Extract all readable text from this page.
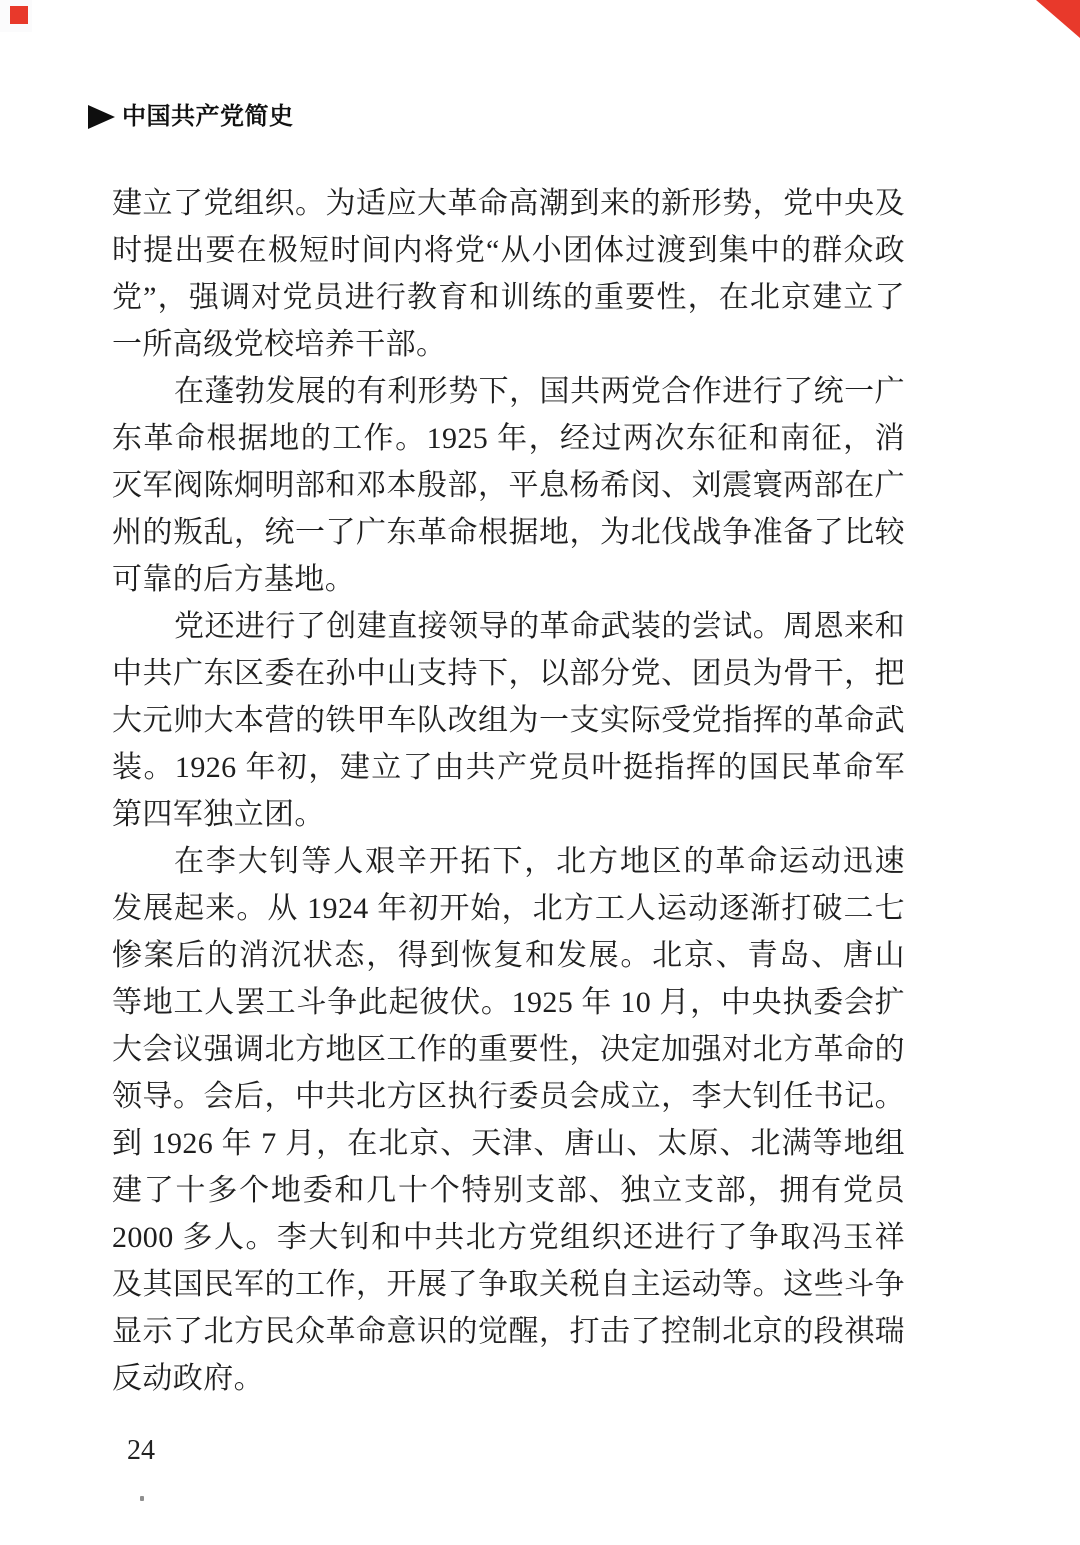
中国共产党简史
建立了党组织。为适应大革命高潮到来的新形势，党中央及
时提出要在极短时间内将党“从小团体过渡到集中的群众政
党”，强调对党员进行教育和训练的重要性，在北京建立了
一所高级党校培养干部。
在蓬勃发展的有利形势下，国共两党合作进行了统一广
东革命根据地的工作。1925 年，经过两次东征和南征，消
灭军阀陈炯明部和邓本殷部，平息杨希闵、刘震寰两部在广
州的叛乱，统一了广东革命根据地，为北伐战争准备了比较
可靠的后方基地。
党还进行了创建直接领导的革命武装的尝试。周恩来和
中共广东区委在孙中山支持下，以部分党、团员为骨干，把
大元帅大本营的铁甲车队改组为一支实际受党指挥的革命武
装。1926 年初，建立了由共产党员叶挺指挥的国民革命军
第四军独立团。
在李大钊等人艰辛开拓下，北方地区的革命运动迅速
发展起来。从 1924 年初开始，北方工人运动逐渐打破二七
惨案后的消沉状态，得到恢复和发展。北京、青岛、唐山
等地工人罢工斗争此起彼伏。1925 年 10 月，中央执委会扩
大会议强调北方地区工作的重要性，决定加强对北方革命的
领导。会后，中共北方区执行委员会成立，李大钊任书记。
到 1926 年 7 月，在北京、天津、唐山、太原、北满等地组
建了十多个地委和几十个特别支部、独立支部，拥有党员
2000 多人。李大钊和中共北方党组织还进行了争取冯玉祥
及其国民军的工作，开展了争取关税自主运动等。这些斗争
显示了北方民众革命意识的觉醒，打击了控制北京的段祺瑞
反动政府。
24
